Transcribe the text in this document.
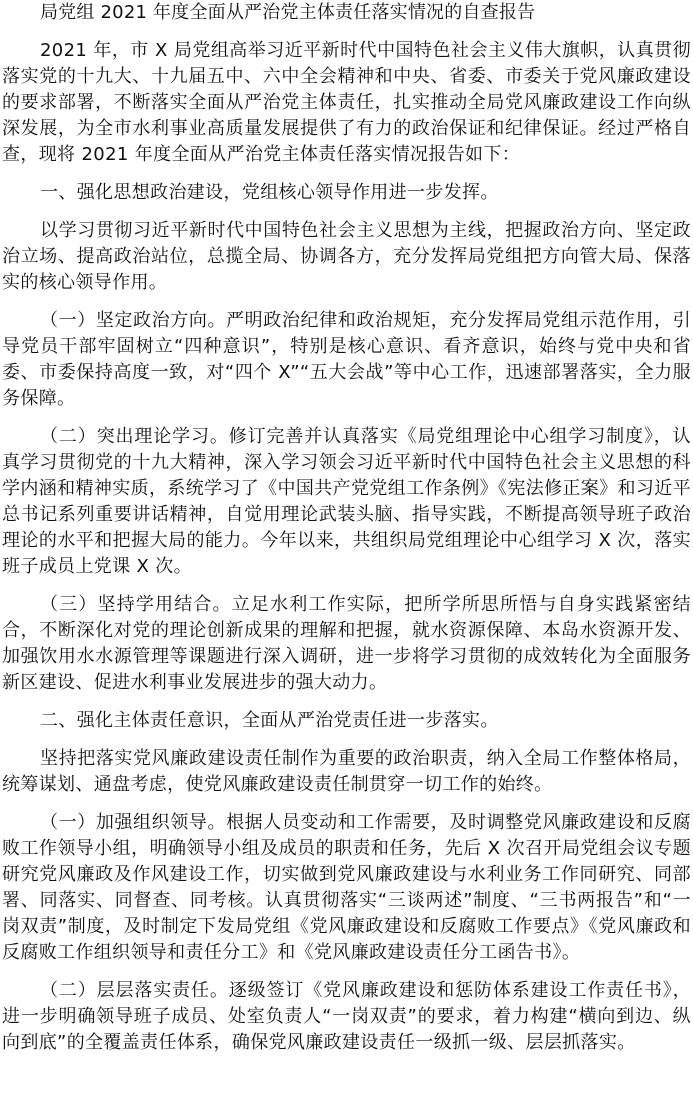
局党组 2021 年度全面从严治党主体责任落实情况的自查报告

2021 年，市 X 局党组高举习近平新时代中国特色社会主义伟大旗帜，认真贯彻落实党的十九大、十九届五中、六中全会精神和中央、省委、市委关于党风廉政建设的要求部署，不断落实全面从严治党主体责任，扎实推动全局党风廉政建设工作向纵深发展，为全市水利事业高质量发展提供了有力的政治保证和纪律保证。经过严格自查，现将 2021 年度全面从严治党主体责任落实情况报告如下：

一、强化思想政治建设，党组核心领导作用进一步发挥。

以学习贯彻习近平新时代中国特色社会主义思想为主线，把握政治方向、坚定政治立场、提高政治站位，总揽全局、协调各方，充分发挥局党组把方向管大局、保落实的核心领导作用。

（一）坚定政治方向。严明政治纪律和政治规矩，充分发挥局党组示范作用，引导党员干部牢固树立“四种意识”，特别是核心意识、看齐意识，始终与党中央和省委、市委保持高度一致，对“四个 X”“五大会战”等中心工作，迅速部署落实，全力服务保障。

（二）突出理论学习。修订完善并认真落实《局党组理论中心组学习制度》，认真学习贯彻党的十九大精神，深入学习领会习近平新时代中国特色社会主义思想的科学内涵和精神实质，系统学习了《中国共产党党组工作条例》《宪法修正案》和习近平总书记系列重要讲话精神，自觉用理论武装头脑、指导实践，不断提高领导班子政治理论的水平和把握大局的能力。今年以来，共组织局党组理论中心组学习 X 次，落实班子成员上党课 X 次。

（三）坚持学用结合。立足水利工作实际，把所学所思所悟与自身实践紧密结合，不断深化对党的理论创新成果的理解和把握，就水资源保障、本岛水资源开发、加强饮用水水源管理等课题进行深入调研，进一步将学习贯彻的成效转化为全面服务新区建设、促进水利事业发展进步的强大动力。

二、强化主体责任意识，全面从严治党责任进一步落实。

坚持把落实党风廉政建设责任制作为重要的政治职责，纳入全局工作整体格局，统筹谋划、通盘考虑，使党风廉政建设责任制贯穿一切工作的始终。

（一）加强组织领导。根据人员变动和工作需要，及时调整党风廉政建设和反腐败工作领导小组，明确领导小组及成员的职责和任务，先后 X 次召开局党组会议专题研究党风廉政及作风建设工作，切实做到党风廉政建设与水利业务工作同研究、同部署、同落实、同督查、同考核。认真贯彻落实“三谈两述”制度、“三书两报告”和“一岗双责”制度，及时制定下发局党组《党风廉政建设和反腐败工作要点》《党风廉政和反腐败工作组织领导和责任分工》和《党风廉政建设责任分工函告书》。

（二）层层落实责任。逐级签订《党风廉政建设和惩防体系建设工作责任书》，进一步明确领导班子成员、处室负责人“一岗双责”的要求，着力构建“横向到边、纵向到底”的全覆盖责任体系，确保党风廉政建设责任一级抓一级、层层抓落实。
